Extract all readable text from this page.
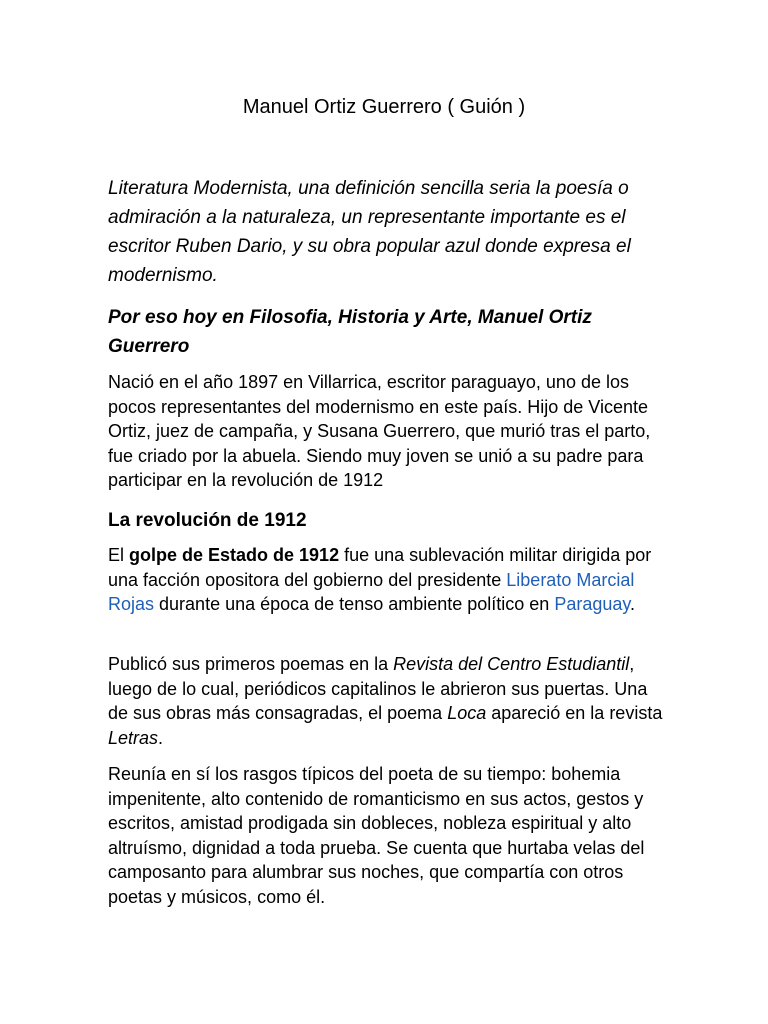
Manuel Ortiz Guerrero ( Guión )

Literatura Modernista, una definición sencilla seria la poesía o admiración a la naturaleza, un representante importante es el escritor Ruben Dario, y su obra popular azul donde expresa el modernismo.

Por eso hoy en Filosofia, Historia y Arte, Manuel Ortiz Guerrero

Nació en el año 1897 en Villarrica, escritor paraguayo, uno de los pocos representantes del modernismo en este país. Hijo de Vicente Ortiz, juez de campaña, y Susana Guerrero, que murió tras el parto, fue criado por la abuela. Siendo muy joven se unió a su padre para participar en la revolución de 1912

La revolución de 1912

El golpe de Estado de 1912 fue una sublevación militar dirigida por una facción opositora del gobierno del presidente Liberato Marcial Rojas durante una época de tenso ambiente político en Paraguay.

Publicó sus primeros poemas en la Revista del Centro Estudiantil, luego de lo cual, periódicos capitalinos le abrieron sus puertas. Una de sus obras más consagradas, el poema Loca apareció en la revista Letras.

Reunía en sí los rasgos típicos del poeta de su tiempo: bohemia impenitente, alto contenido de romanticismo en sus actos, gestos y escritos, amistad prodigada sin dobleces, nobleza espiritual y alto altruísmo, dignidad a toda prueba. Se cuenta que hurtaba velas del camposanto para alumbrar sus noches, que compartía con otros poetas y músicos, como él.
